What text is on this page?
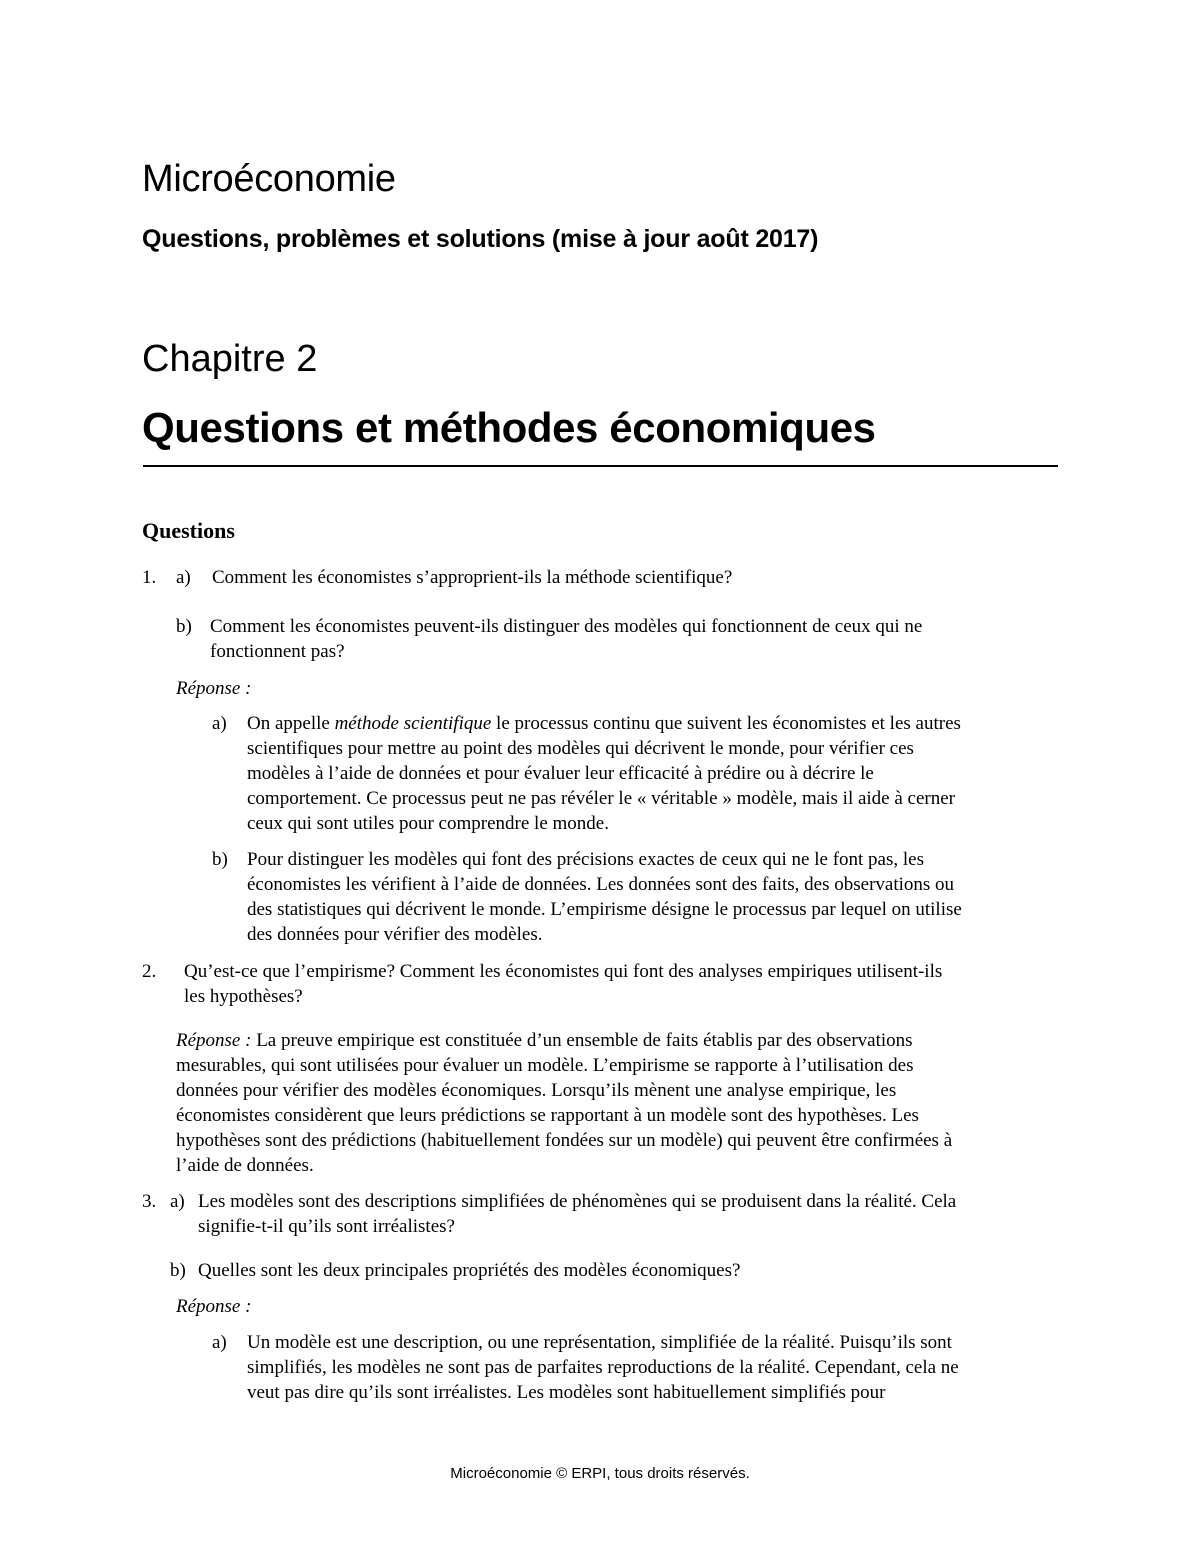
Microéconomie
Questions, problèmes et solutions (mise à jour août 2017)
Chapitre 2
Questions et méthodes économiques
Questions
1. a) Comment les économistes s’approprient-ils la méthode scientifique?
b) Comment les économistes peuvent-ils distinguer des modèles qui fonctionnent de ceux qui ne
fonctionnent pas?
Réponse :
a) On appelle méthode scientifique le processus continu que suivent les économistes et les autres
scientifiques pour mettre au point des modèles qui décrivent le monde, pour vérifier ces
modèles à l’aide de données et pour évaluer leur efficacité à prédire ou à décrire le
comportement. Ce processus peut ne pas révéler le « véritable » modèle, mais il aide à cerner
ceux qui sont utiles pour comprendre le monde.
b) Pour distinguer les modèles qui font des précisions exactes de ceux qui ne le font pas, les
économistes les vérifient à l’aide de données. Les données sont des faits, des observations ou
des statistiques qui décrivent le monde. L’empirisme désigne le processus par lequel on utilise
des données pour vérifier des modèles.
2. Qu’est-ce que l’empirisme? Comment les économistes qui font des analyses empiriques utilisent-ils
les hypothèses?
Réponse : La preuve empirique est constituée d’un ensemble de faits établis par des observations
mesurables, qui sont utilisées pour évaluer un modèle. L’empirisme se rapporte à l’utilisation des
données pour vérifier des modèles économiques. Lorsqu’ils mènent une analyse empirique, les
économistes considèrent que leurs prédictions se rapportant à un modèle sont des hypothèses. Les
hypothèses sont des prédictions (habituellement fondées sur un modèle) qui peuvent être confirmées à
l’aide de données.
3. a) Les modèles sont des descriptions simplifiées de phénomènes qui se produisent dans la réalité. Cela
signifie-t-il qu’ils sont irréalistes?
b) Quelles sont les deux principales propriétés des modèles économiques?
Réponse :
a) Un modèle est une description, ou une représentation, simplifiée de la réalité. Puisqu’ils sont
simplifiés, les modèles ne sont pas de parfaites reproductions de la réalité. Cependant, cela ne
veut pas dire qu’ils sont irréalistes. Les modèles sont habituellement simplifiés pour
Microéconomie © ERPI, tous droits réservés.
